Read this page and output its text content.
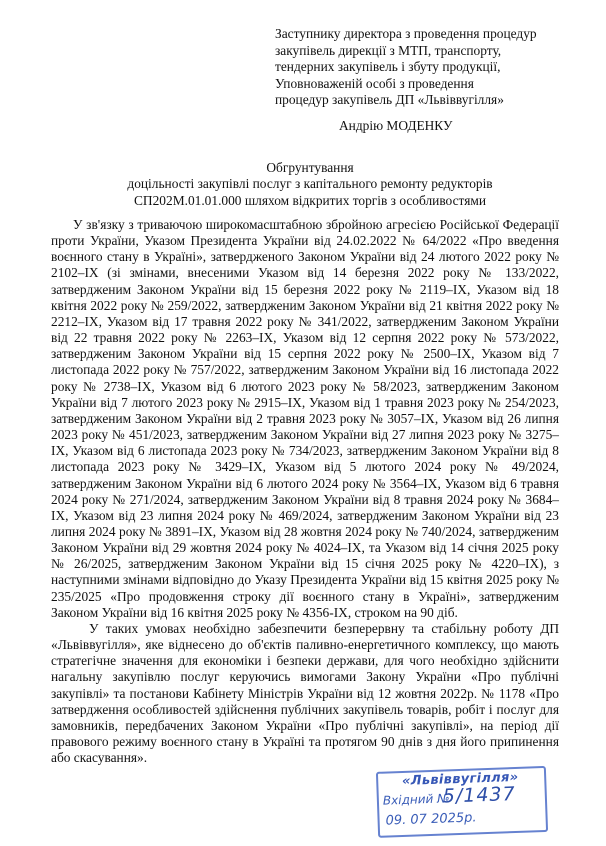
Заступнику директора з проведення процедур
закупівель дирекції з МТП, транспорту,
тендерних закупівель і збуту продукції,
Уповноваженій особі з проведення
процедур закупівель ДП «Львіввугілля»
Андрію МОДЕНКУ
Обгрунтування
доцільності закупівлі послуг з капітального ремонту редукторів
СП202М.01.01.000 шляхом відкритих торгів з особливостями

У зв'язку з триваючою широкомасштабною збройною агресією Російської Федерації проти України, Указом Президента України від 24.02.2022 № 64/2022 «Про введення воєнного стану в Україні», затвердженого Законом України від 24 лютого 2022 року № 2102–ІХ (зі змінами, внесеними Указом від 14 березня 2022 року № 133/2022, затвердженим Законом України від 15 березня 2022 року № 2119–ІХ, Указом від 18 квітня 2022 року № 259/2022, затвердженим Законом України від 21 квітня 2022 року № 2212–ІХ, Указом від 17 травня 2022 року № 341/2022, затвердженим Законом України від 22 травня 2022 року № 2263–ІХ, Указом від 12 серпня 2022 року № 573/2022, затвердженим Законом України від 15 серпня 2022 року № 2500–ІХ, Указом від 7 листопада 2022 року № 757/2022, затвердженим Законом України від 16 листопада 2022 року № 2738–ІХ, Указом від 6 лютого 2023 року № 58/2023, затвердженим Законом України від 7 лютого 2023 року № 2915–ІХ, Указом від 1 травня 2023 року № 254/2023, затвердженим Законом України від 2 травня 2023 року № 3057–ІХ, Указом від 26 липня 2023 року № 451/2023, затвердженим Законом України від 27 липня 2023 року № 3275–ІХ, Указом від 6 листопада 2023 року № 734/2023, затвердженим Законом України від 8 листопада 2023 року № 3429–ІХ, Указом від 5 лютого 2024 року № 49/2024, затвердженим Законом України від 6 лютого 2024 року № 3564–ІХ, Указом від 6 травня 2024 року № 271/2024, затвердженим Законом України від 8 травня 2024 року № 3684–ІХ, Указом від 23 липня 2024 року № 469/2024, затвердженим Законом України від 23 липня 2024 року № 3891–ІХ, Указом від 28 жовтня 2024 року № 740/2024, затвердженим Законом України від 29 жовтня 2024 року № 4024–ІХ, та Указом від 14 січня 2025 року № 26/2025, затвердженим Законом України від 15 січня 2025 року № 4220–ІХ), з наступними змінами відповідно до Указу Президента України від 15 квітня 2025 року № 235/2025 «Про продовження строку дії воєнного стану в Україні», затвердженим Законом України від 16 квітня 2025 року № 4356-ІХ, строком на 90 діб.

У таких умовах необхідно забезпечити безперервну та стабільну роботу ДП «Львіввугілля», яке віднесено до об'єктів паливно-енергетичного комплексу, що мають стратегічне значення для економіки і безпеки держави, для чого необхідно здійснити нагальну закупівлю послуг керуючись вимогами Закону України «Про публічні закупівлі» та постанови Кабінету Міністрів України від 12 жовтня 2022р. № 1178 «Про затвердження особливостей здійснення публічних закупівель товарів, робіт і послуг для замовників, передбачених Законом України «Про публічні закупівлі», на період дії правового режиму воєнного стану в Україні та протягом 90 днів з дня його припинення або скасування».

«Львіввугілля»
Вхідний №
5/1437
09. 07 2025р.
